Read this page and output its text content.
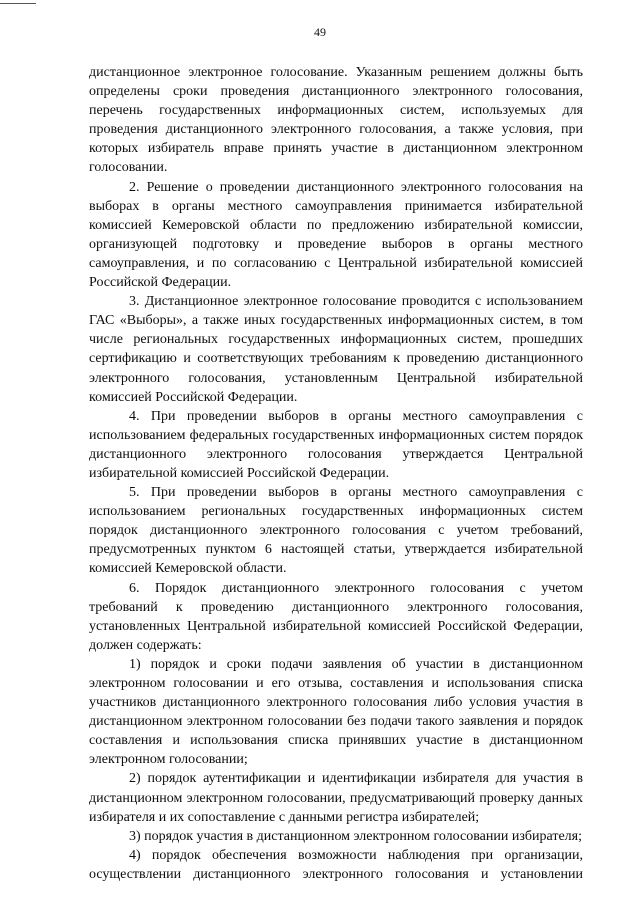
49

дистанционное электронное голосование. Указанным решением должны быть определены сроки проведения дистанционного электронного голосования, перечень государственных информационных систем, используемых для проведения дистанционного электронного голосования, а также условия, при которых избиратель вправе принять участие в дистанционном электронном голосовании.

2. Решение о проведении дистанционного электронного голосования на выборах в органы местного самоуправления принимается избирательной комиссией Кемеровской области по предложению избирательной комиссии, организующей подготовку и проведение выборов в органы местного самоуправления, и по согласованию с Центральной избирательной комиссией Российской Федерации.

3. Дистанционное электронное голосование проводится с использованием ГАС «Выборы», а также иных государственных информационных систем, в том числе региональных государственных информационных систем, прошедших сертификацию и соответствующих требованиям к проведению дистанционного электронного голосования, установленным Центральной избирательной комиссией Российской Федерации.

4. При проведении выборов в органы местного самоуправления с использованием федеральных государственных информационных систем порядок дистанционного электронного голосования утверждается Центральной избирательной комиссией Российской Федерации.

5. При проведении выборов в органы местного самоуправления с использованием региональных государственных информационных систем порядок дистанционного электронного голосования с учетом требований, предусмотренных пунктом 6 настоящей статьи, утверждается избирательной комиссией Кемеровской области.

6. Порядок дистанционного электронного голосования с учетом требований к проведению дистанционного электронного голосования, установленных Центральной избирательной комиссией Российской Федерации, должен содержать:

1) порядок и сроки подачи заявления об участии в дистанционном электронном голосовании и его отзыва, составления и использования списка участников дистанционного электронного голосования либо условия участия в дистанционном электронном голосовании без подачи такого заявления и порядок составления и использования списка принявших участие в дистанционном электронном голосовании;

2) порядок аутентификации и идентификации избирателя для участия в дистанционном электронном голосовании, предусматривающий проверку данных избирателя и их сопоставление с данными регистра избирателей;

3) порядок участия в дистанционном электронном голосовании избирателя;

4) порядок обеспечения возможности наблюдения при организации, осуществлении дистанционного электронного голосования и установлении
